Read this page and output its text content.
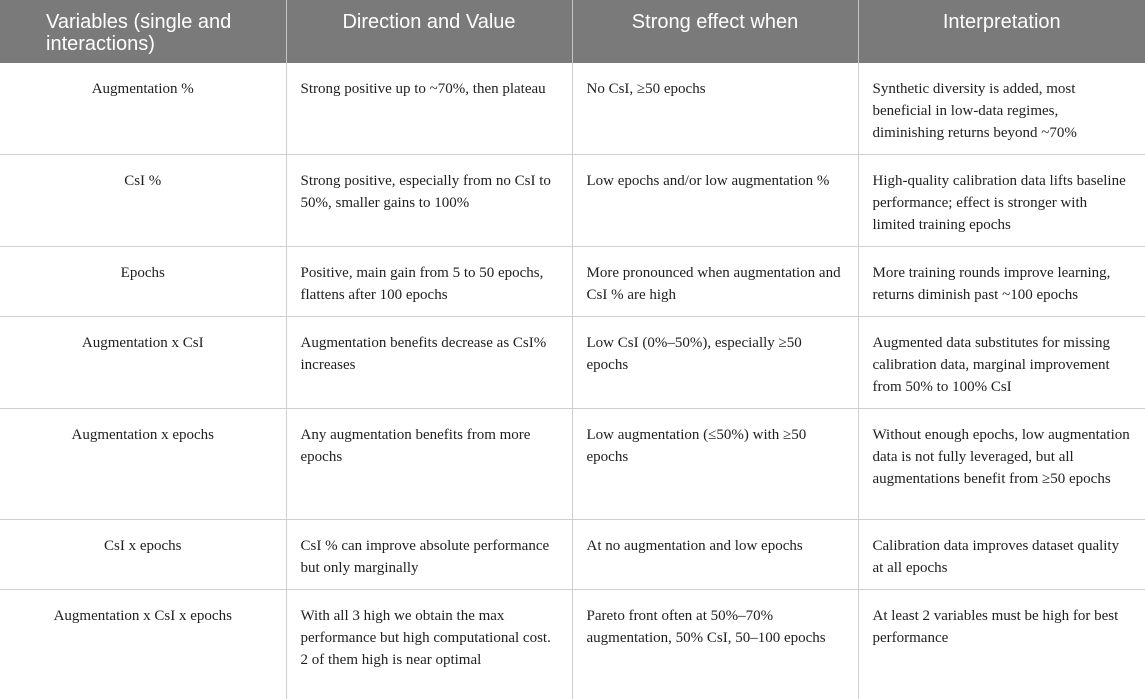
Variables (single and interactions)	Direction and Value	Strong effect when	Interpretation
Augmentation %	Strong positive up to ~70%, then plateau	No CsI, ≥50 epochs	Synthetic diversity is added, most beneficial in low-data regimes, diminishing returns beyond ~70%
CsI %	Strong positive, especially from no CsI to 50%, smaller gains to 100%	Low epochs and/or low augmentation %	High-quality calibration data lifts baseline performance; effect is stronger with limited training epochs
Epochs	Positive, main gain from 5 to 50 epochs, flattens after 100 epochs	More pronounced when augmentation and CsI % are high	More training rounds improve learning, returns diminish past ~100 epochs
Augmentation x CsI	Augmentation benefits decrease as CsI% increases	Low CsI (0%–50%), especially ≥50 epochs	Augmented data substitutes for missing calibration data, marginal improvement from 50% to 100% CsI
Augmentation x epochs	Any augmentation benefits from more epochs	Low augmentation (≤50%) with ≥50 epochs	Without enough epochs, low augmentation data is not fully leveraged, but all augmentations benefit from ≥50 epochs
CsI x epochs	CsI % can improve absolute performance but only marginally	At no augmentation and low epochs	Calibration data improves dataset quality at all epochs
Augmentation x CsI x epochs	With all 3 high we obtain the max performance but high computational cost. 2 of them high is near optimal	Pareto front often at 50%–70% augmentation, 50% CsI, 50–100 epochs	At least 2 variables must be high for best performance
